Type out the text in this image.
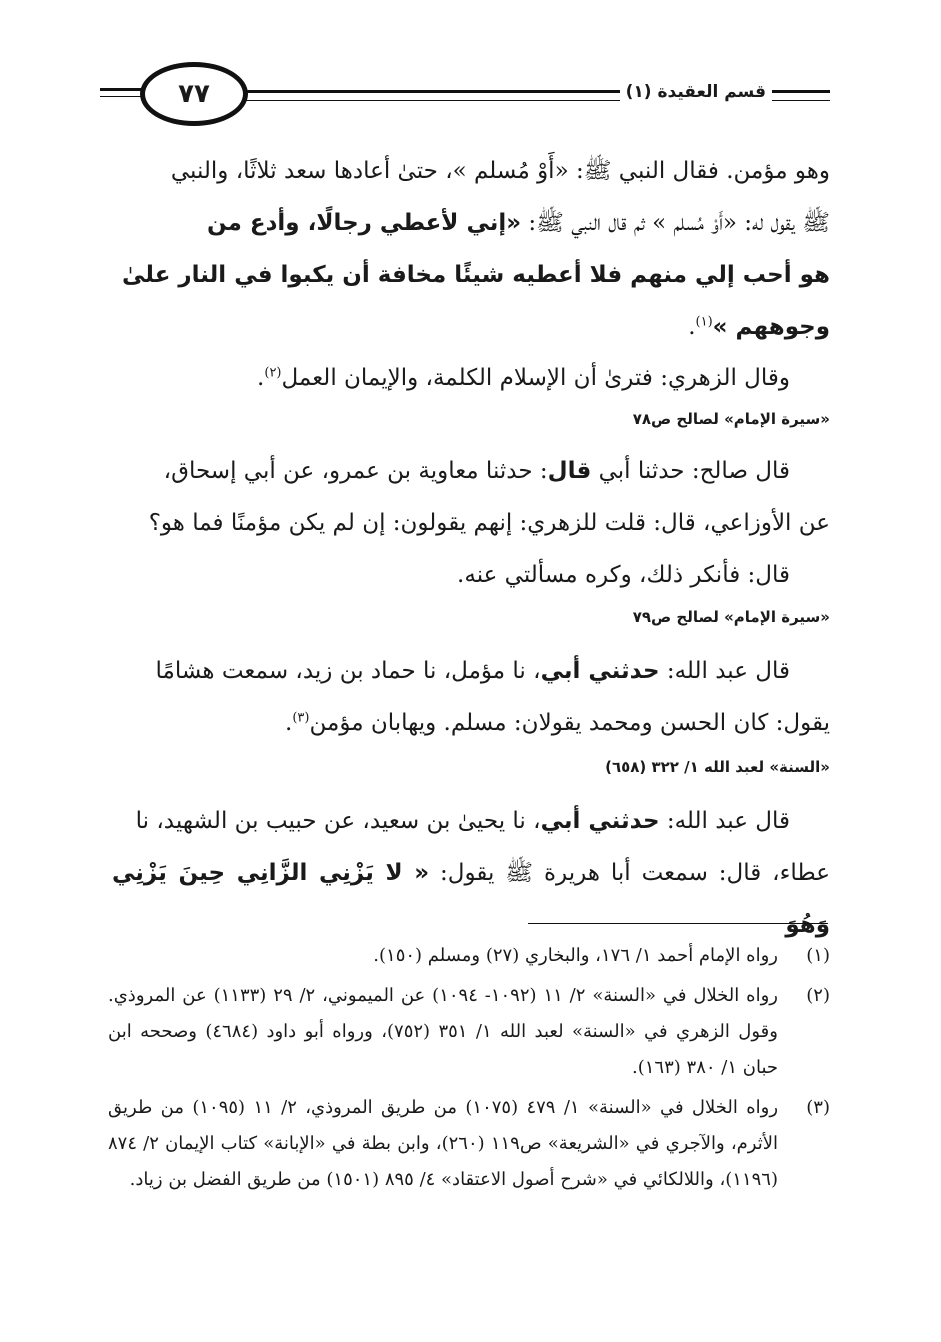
٧٧	قسم العقيدة (١)

وهو مؤمن. فقال النبي ﷺ: «أَوْ مُسلم »، حتىٰ أعادها سعد ثلاثًا، والنبي

ﷺ يقول له: «أَوْ مُسلم » ثم قال النبي ﷺ: «إني لأعطي رجالًا، وأدع من

هو أحب إلي منهم فلا أعطيه شيئًا مخافة أن يكبوا في النار علىٰ

وجوههم »$^{(١)}$.

وقال الزهري: فترىٰ أن الإسلام الكلمة، والإيمان العمل$^{(٢)}$.

«سيرة الإمام» لصالح ص٧٨

قال صالح: حدثنا أبي قال: حدثنا معاوية بن عمرو، عن أبي إسحاق،

عن الأوزاعي، قال: قلت للزهري: إنهم يقولون: إن لم يكن مؤمنًا فما هو؟

قال: فأنكر ذلك، وكره مسألتي عنه.

«سيرة الإمام» لصالح ص٧٩

قال عبد الله: حدثني أبي، نا مؤمل، نا حماد بن زيد، سمعت هشامًا

يقول: كان الحسن ومحمد يقولان: مسلم. ويهابان مؤمن$^{(٣)}$.

«السنة» لعبد الله ١/ ٣٢٢ (٦٥٨)

قال عبد الله: حدثني أبي، نا يحيىٰ بن سعيد، عن حبيب بن الشهيد، نا

عطاء، قال: سمعت أبا هريرة ﷺ يقول: « لا يَزْنِي الزَّانِي حِينَ يَزْنِي وَهُوَ

(١)
رواه الإمام أحمد ١/ ١٧٦، والبخاري (٢٧) ومسلم (١٥٠).
(٢)
رواه الخلال في «السنة» ٢/ ١١ (١٠٩٢- ١٠٩٤) عن الميموني، ٢/ ٢٩ (١١٣٣) عن المروذي. وقول الزهري في «السنة» لعبد الله ١/ ٣٥١ (٧٥٢)، ورواه أبو داود (٤٦٨٤) وصححه ابن حبان ١/ ٣٨٠ (١٦٣).
(٣)
رواه الخلال في «السنة» ١/ ٤٧٩ (١٠٧٥) من طريق المروذي، ٢/ ١١ (١٠٩٥) من طريق الأثرم، والآجري في «الشريعة» ص١١٩ (٢٦٠)، وابن بطة في «الإبانة» كتاب الإيمان ٢/ ٨٧٤ (١١٩٦)، واللالكائي في «شرح أصول الاعتقاد» ٤/ ٨٩٥ (١٥٠١) من طريق الفضل بن زياد.
